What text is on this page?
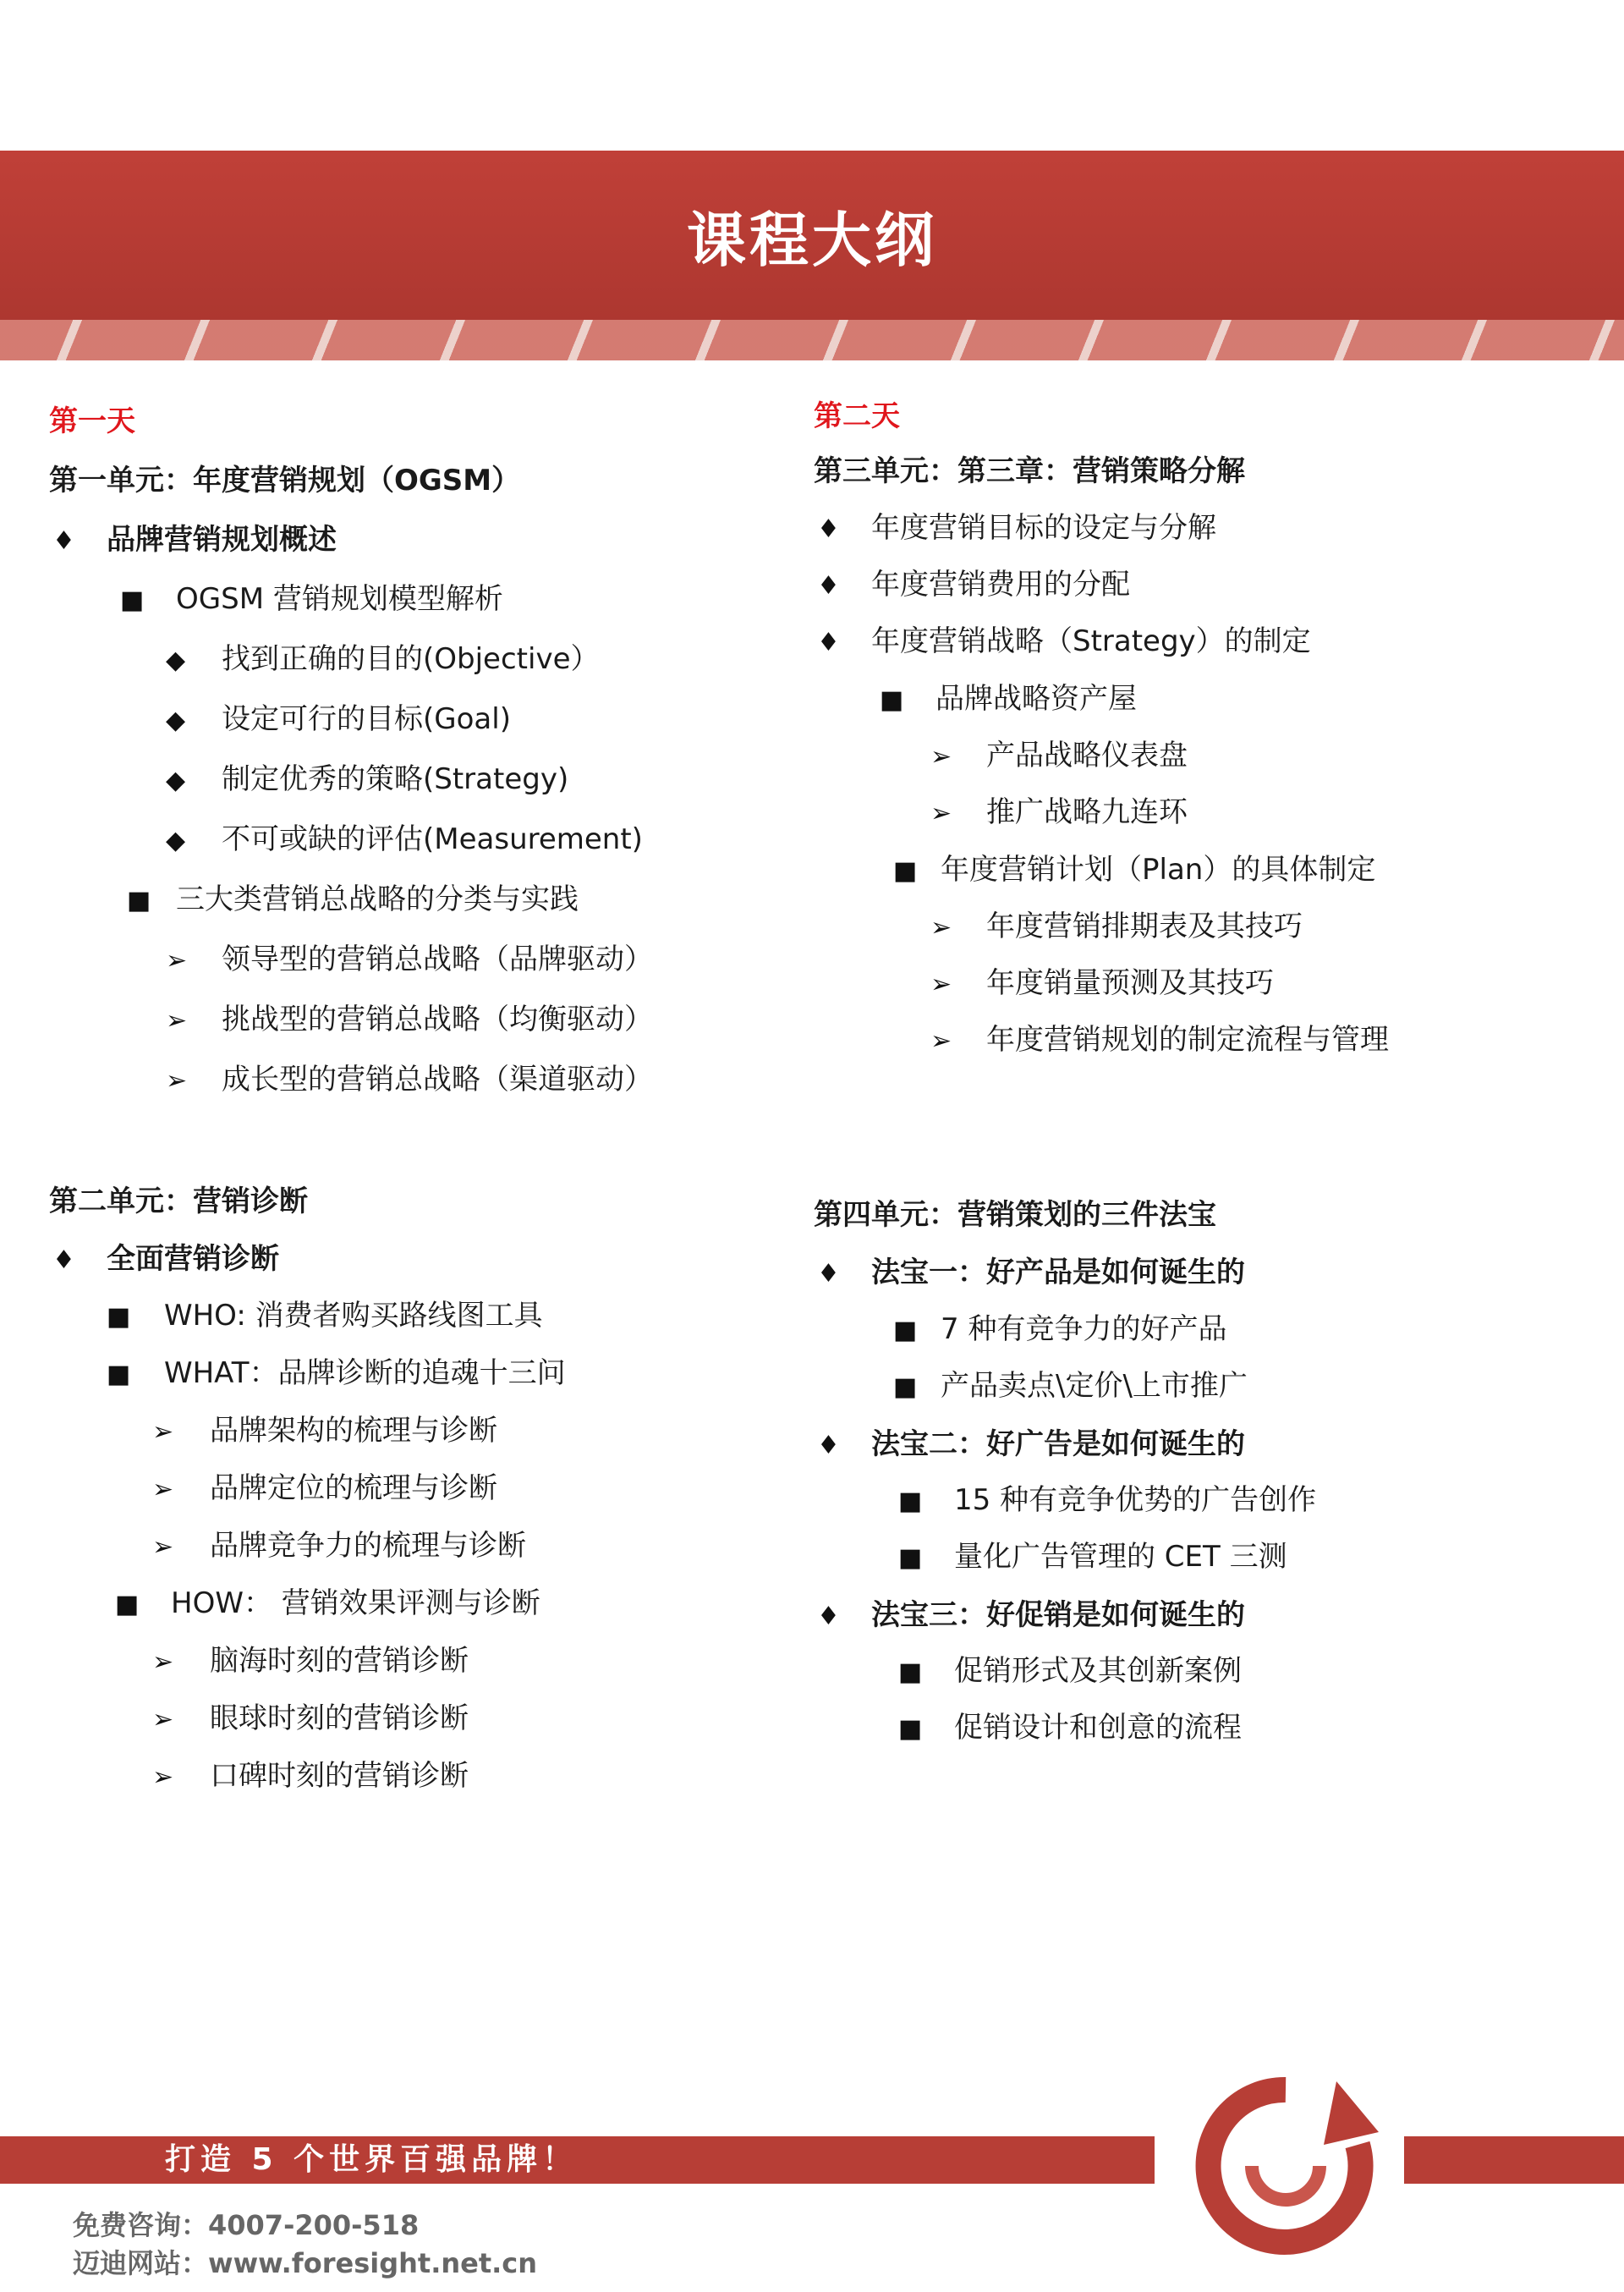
课程大纲
第一天
第一单元：年度营销规划（OGSM）
♦ 品牌营销规划概述
■ OGSM 营销规划模型解析
◆ 找到正确的目的(Objective）
◆ 设定可行的目标(Goal)
◆ 制定优秀的策略(Strategy)
◆ 不可或缺的评估(Measurement)
■ 三大类营销总战略的分类与实践
➢ 领导型的营销总战略（品牌驱动）
➢ 挑战型的营销总战略（均衡驱动）
➢ 成长型的营销总战略（渠道驱动）
第二单元：营销诊断
♦ 全面营销诊断
■ WHO: 消费者购买路线图工具
■ WHAT：品牌诊断的追魂十三问
➢ 品牌架构的梳理与诊断
➢ 品牌定位的梳理与诊断
➢ 品牌竞争力的梳理与诊断
■ HOW： 营销效果评测与诊断
➢ 脑海时刻的营销诊断
➢ 眼球时刻的营销诊断
➢ 口碑时刻的营销诊断
第二天
第三单元：第三章：营销策略分解
♦ 年度营销目标的设定与分解
♦ 年度营销费用的分配
♦ 年度营销战略（Strategy）的制定
■ 品牌战略资产屋
➢ 产品战略仪表盘
➢ 推广战略九连环
■ 年度营销计划（Plan）的具体制定
➢ 年度营销排期表及其技巧
➢ 年度销量预测及其技巧
➢ 年度营销规划的制定流程与管理
第四单元：营销策划的三件法宝
♦ 法宝一：好产品是如何诞生的
■ 7 种有竞争力的好产品
■ 产品卖点\定价\上市推广
♦ 法宝二：好广告是如何诞生的
■ 15 种有竞争优势的广告创作
■ 量化广告管理的 CET 三测
♦ 法宝三：好促销是如何诞生的
■ 促销形式及其创新案例
■ 促销设计和创意的流程
打造 5 个世界百强品牌！
免费咨询：4007-200-518
迈迪网站：www.foresight.net.cn
